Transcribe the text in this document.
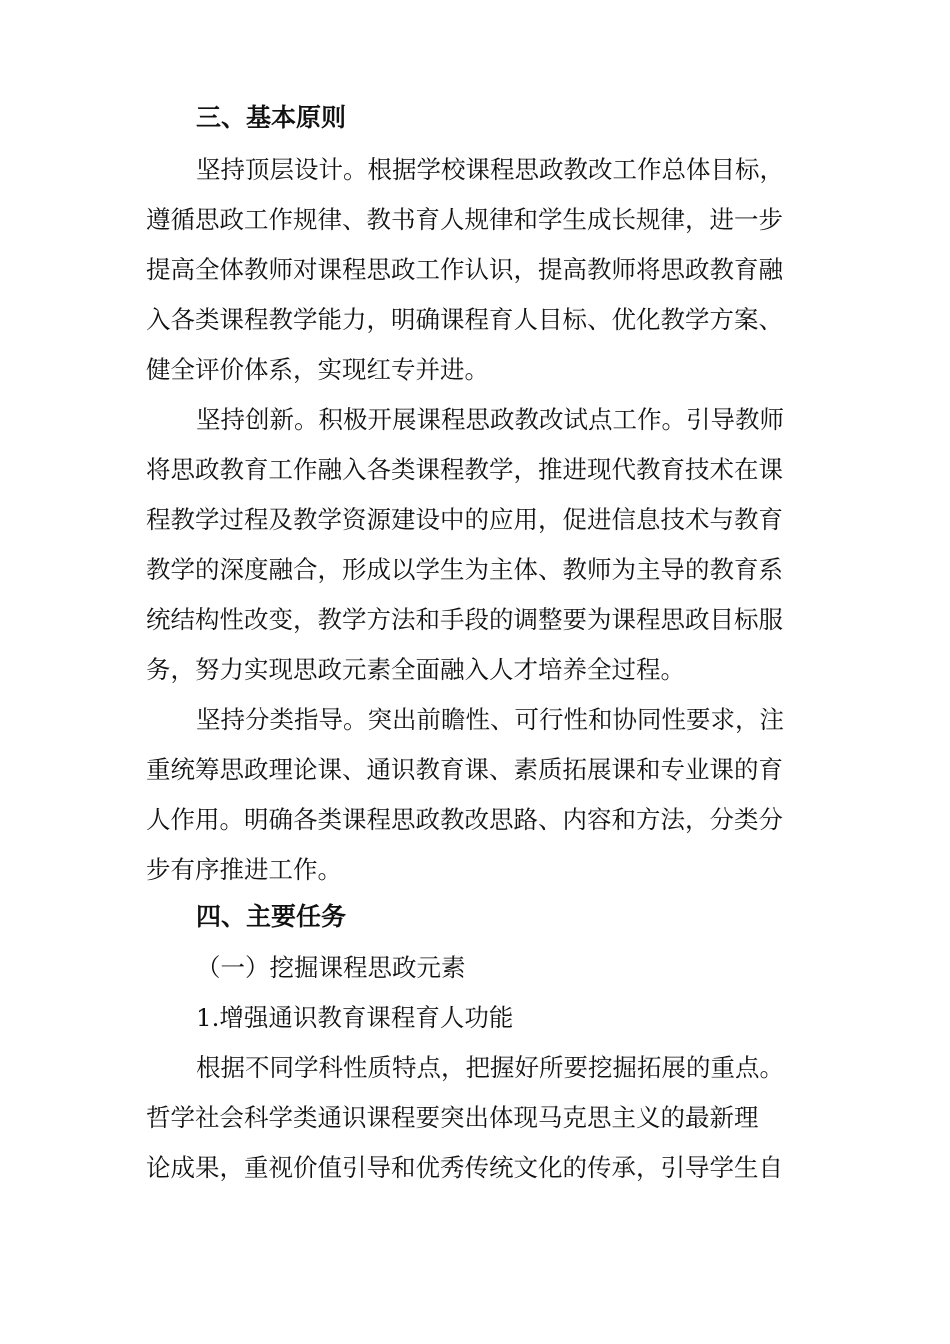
三、基本原则
坚持顶层设计。根据学校课程思政教改工作总体目标，
遵循思政工作规律、教书育人规律和学生成长规律，进一步
提高全体教师对课程思政工作认识，提高教师将思政教育融
入各类课程教学能力，明确课程育人目标、优化教学方案、
健全评价体系，实现红专并进。
坚持创新。积极开展课程思政教改试点工作。引导教师
将思政教育工作融入各类课程教学，推进现代教育技术在课
程教学过程及教学资源建设中的应用，促进信息技术与教育
教学的深度融合，形成以学生为主体、教师为主导的教育系
统结构性改变，教学方法和手段的调整要为课程思政目标服
务，努力实现思政元素全面融入人才培养全过程。
坚持分类指导。突出前瞻性、可行性和协同性要求，注
重统筹思政理论课、通识教育课、素质拓展课和专业课的育
人作用。明确各类课程思政教改思路、内容和方法，分类分
步有序推进工作。
四、主要任务
（一）挖掘课程思政元素
1.增强通识教育课程育人功能
根据不同学科性质特点，把握好所要挖掘拓展的重点。
哲学社会科学类通识课程要突出体现马克思主义的最新理
论成果，重视价值引导和优秀传统文化的传承，引导学生自
